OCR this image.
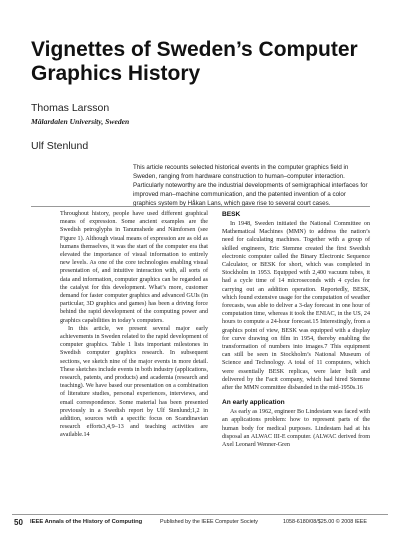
Vignettes of Sweden’s Computer Graphics History
Thomas Larsson
Mälardalen University, Sweden
Ulf Stenlund
This article recounts selected historical events in the computer graphics field in Sweden, ranging from hardware construction to human–computer interaction. Particularly noteworthy are the industrial developments of semigraphical interfaces for improved man–machine communication, and the patented invention of a color graphics system by Håkan Lans, which gave rise to several court cases.

Throughout history, people have used different graphical means of expression. Some ancient examples are the Swedish petroglyphs in Tanumshede and Nämforsen (see Figure 1). Although visual means of expression are as old as humans themselves, it was the start of the computer era that elevated the importance of visual information to entirely new levels. As one of the core technologies enabling visual presentation of, and intuitive interaction with, all sorts of data and information, computer graphics can be regarded as the catalyst for this development. What’s more, customer demand for faster computer graphics and advanced GUIs (in particular, 3D graphics and games) has been a driving force behind the rapid development of the computing power and graphics capabilities in today’s computers.

In this article, we present several major early achievements in Sweden related to the rapid development of computer graphics. Table 1 lists important milestones in Swedish computer graphics research. In subsequent sections, we sketch nine of the major events in more detail. These sketches include events in both industry (applications, research, patents, and products) and academia (research and teaching). We have based our presentation on a combination of literature studies, personal experiences, interviews, and email correspondence. Some material has been presented previously in a Swedish report by Ulf Stenlund;1,2 in addition, sources with a specific focus on Scandinavian research efforts3,4,9–13 and teaching activities are available.14

BESK

In 1948, Sweden initiated the National Committee on Mathematical Machines (MMN) to address the nation’s need for calculating machines. Together with a group of skilled engineers, Eric Stemme created the first Swedish electronic computer called the Binary Electronic Sequence Calculator, or BESK for short, which was completed in Stockholm in 1953. Equipped with 2,400 vacuum tubes, it had a cycle time of 14 microseconds with 4 cycles for carrying out an addition operation. Reportedly, BESK, which found extensive usage for the computation of weather forecasts, was able to deliver a 3-day forecast in one hour of computation time, whereas it took the ENIAC, in the US, 24 hours to compute a 24-hour forecast.15 Interestingly, from a graphics point of view, BESK was equipped with a display for curve drawing on film in 1954, thereby enabling the transformation of numbers into images.7 This equipment can still be seen in Stockholm’s National Museum of Science and Technology. A total of 11 computers, which were essentially BESK replicas, were later built and delivered by the Facit company, which had hired Stemme after the MMN committee disbanded in the mid-1950s.16

An early application

As early as 1962, engineer Bo Lindestam was faced with an applications problem: how to represent parts of the human body for medical purposes. Lindestam had at his disposal an ALWAC III-E computer. (ALWAC derived from Axel Leonard Wenner-Gren

50 IEEE Annals of the History of Computing	Published by the IEEE Computer Society	1058-6180/08/$25.00 © 2008 IEEE
